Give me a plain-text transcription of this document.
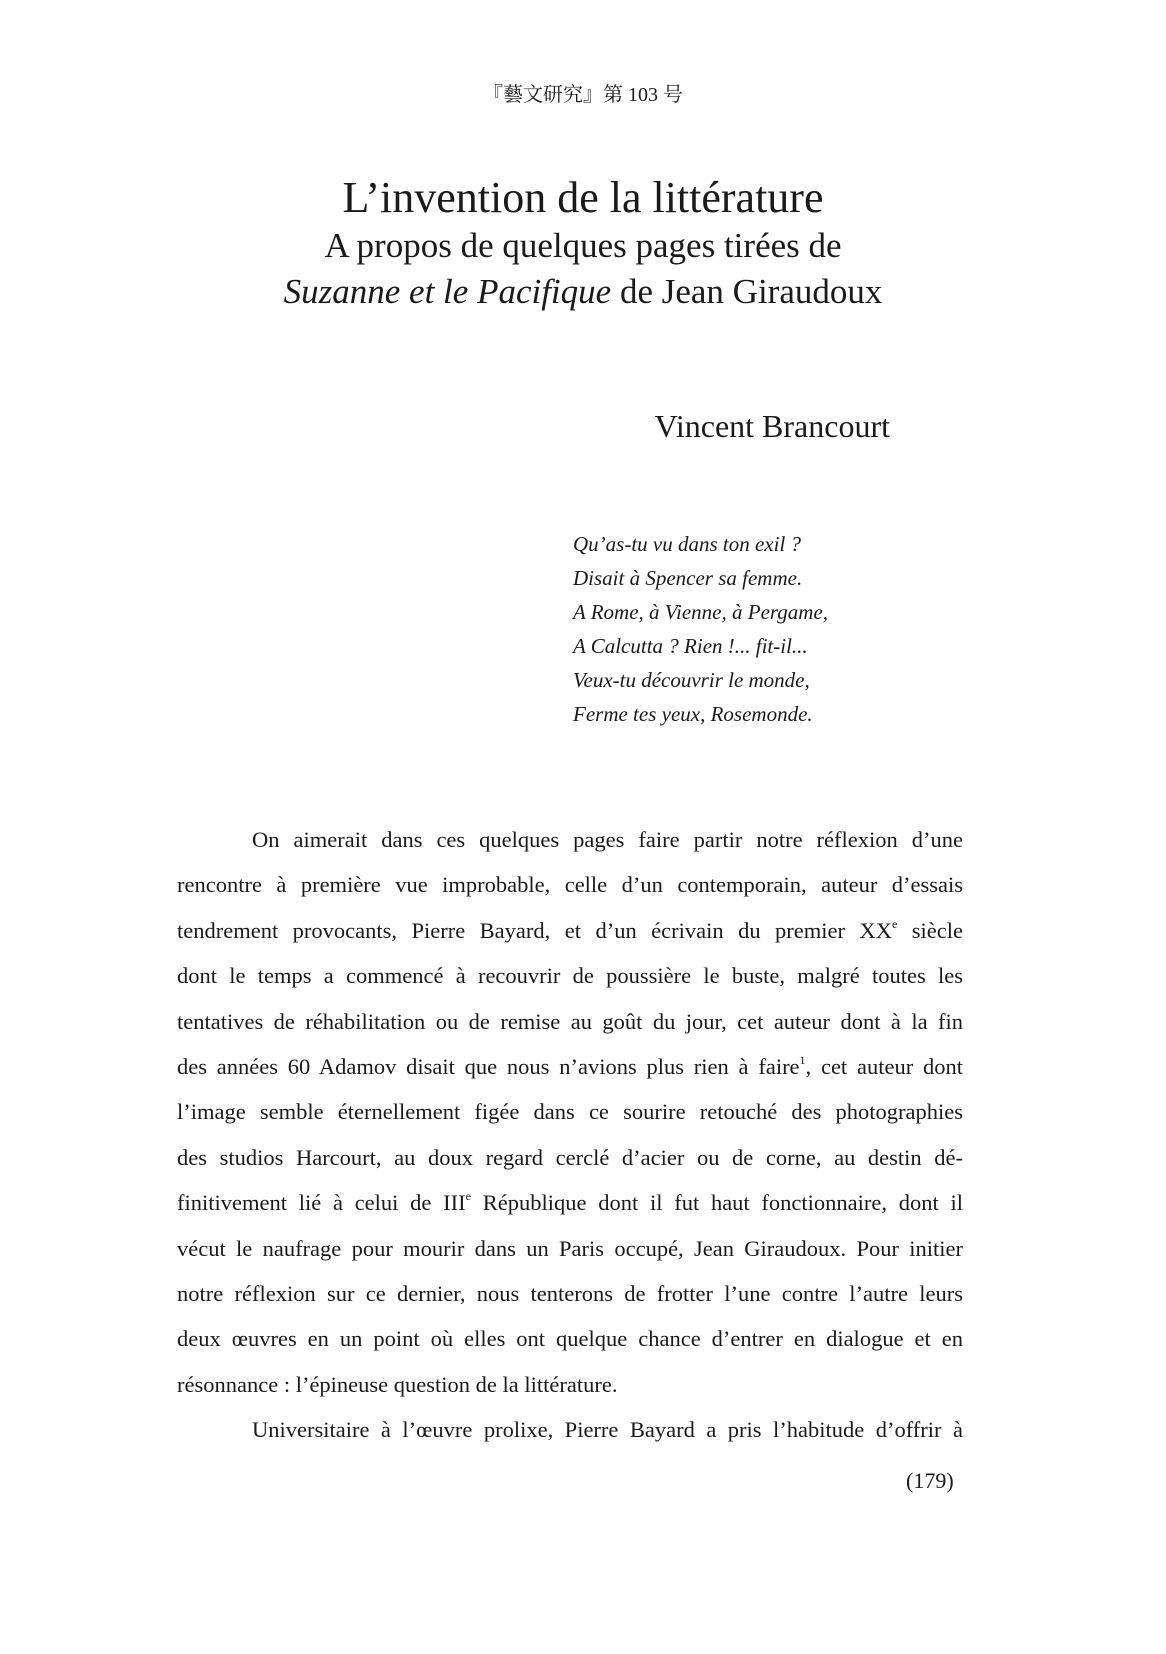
『藝文研究』第 103 号
L’invention de la littérature
A propos de quelques pages tirées de
Suzanne et le Pacifique de Jean Giraudoux
Vincent Brancourt
Qu’as-tu vu dans ton exil ?
Disait à Spencer sa femme.
A Rome, à Vienne, à Pergame,
A Calcutta ? Rien !... fit-il...
Veux-tu découvrir le monde,
Ferme tes yeux, Rosemonde.
On aimerait dans ces quelques pages faire partir notre réflexion d’une
rencontre à première vue improbable, celle d’un contemporain, auteur d’essais
tendrement provocants, Pierre Bayard, et d’un écrivain du premier XXe siècle
dont le temps a commencé à recouvrir de poussière le buste, malgré toutes les
tentatives de réhabilitation ou de remise au goût du jour, cet auteur dont à la fin
des années 60 Adamov disait que nous n’avions plus rien à faire$^1$, cet auteur dont
l’image semble éternellement figée dans ce sourire retouché des photographies
des studios Harcourt, au doux regard cerclé d’acier ou de corne, au destin dé-
finitivement lié à celui de IIIe République dont il fut haut fonctionnaire, dont il
vécut le naufrage pour mourir dans un Paris occupé, Jean Giraudoux. Pour initier
notre réflexion sur ce dernier, nous tenterons de frotter l’une contre l’autre leurs
deux œuvres en un point où elles ont quelque chance d’entrer en dialogue et en
résonnance : l’épineuse question de la littérature.
Universitaire à l’œuvre prolixe, Pierre Bayard a pris l’habitude d’offrir à
(179)
